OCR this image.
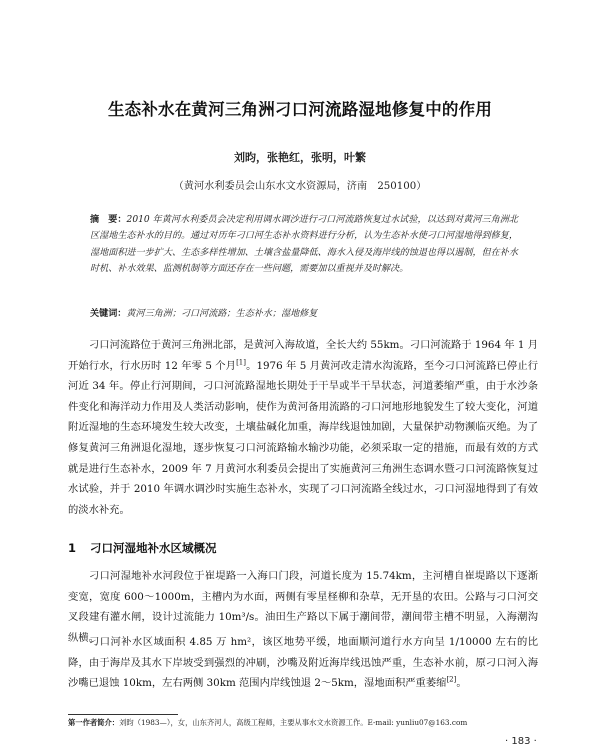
生态补水在黄河三角洲刁口河流路湿地修复中的作用
刘昀，张艳红，张明，叶繁
（黄河水利委员会山东水文水资源局，济南　250100）
摘　要：2010 年黄河水利委员会决定利用调水调沙进行刁口河流路恢复过水试验，以达到对黄河三角洲北区湿地生态补水的目的。通过对历年刁口河生态补水资料进行分析，认为生态补水使刁口河湿地得到修复，湿地面积进一步扩大、生态多样性增加、土壤含盐量降低、海水入侵及海岸线的蚀退也得以遏制，但在补水时机、补水效果、监测机制等方面还存在一些问题，需要加以重视并及时解决。
关键词：黄河三角洲；刁口河流路；生态补水；湿地修复
刁口河流路位于黄河三角洲北部，是黄河入海故道，全长大约 55km。刁口河流路于 1964 年 1 月开始行水，行水历时 12 年零 5 个月[1]。1976 年 5 月黄河改走清水沟流路，至今刁口河流路已停止行河近 34 年。停止行河期间，刁口河流路湿地长期处于干旱或半干旱状态，河道萎缩严重，由于水沙条件变化和海洋动力作用及人类活动影响，使作为黄河备用流路的刁口河地形地貌发生了较大变化，河道附近湿地的生态环境发生较大改变，土壤盐碱化加重，海岸线退蚀加剧，大量保护动物濒临灭绝。为了修复黄河三角洲退化湿地，逐步恢复刁口河流路输水输沙功能，必须采取一定的措施，而最有效的方式就是进行生态补水，2009 年 7 月黄河水利委员会提出了实施黄河三角洲生态调水暨刁口河流路恢复过水试验，并于 2010 年调水调沙时实施生态补水，实现了刁口河流路全线过水，刁口河湿地得到了有效的淡水补充。
1 刁口河湿地补水区域概况
刁口河湿地补水河段位于崔堤路一入海口门段，河道长度为 15.74km，主河槽自崔堤路以下逐渐变宽，宽度 600～1000m，主槽内为水面，两侧有零星柽柳和杂草，无开垦的农田。公路与刁口河交叉段建有灌水闸，设计过流能力 10m³/s。油田生产路以下属于潮间带，潮间带主槽不明显，入海潮沟纵横。
刁口河补水区域面积 4.85 万 hm²，该区地势平缓，地面顺河道行水方向呈 1/10000 左右的比降，由于海岸及其水下岸坡受到强烈的冲刷，沙嘴及附近海岸线迅蚀严重，生态补水前，原刁口河入海沙嘴已退蚀 10km，左右两侧 30km 范围内岸线蚀退 2～5km，湿地面积严重萎缩[2]。
第一作者简介：刘昀（1983—），女，山东齐河人，高级工程师，主要从事水文水资源工作。E-mail: yunliu07@163.com
· 183 ·
